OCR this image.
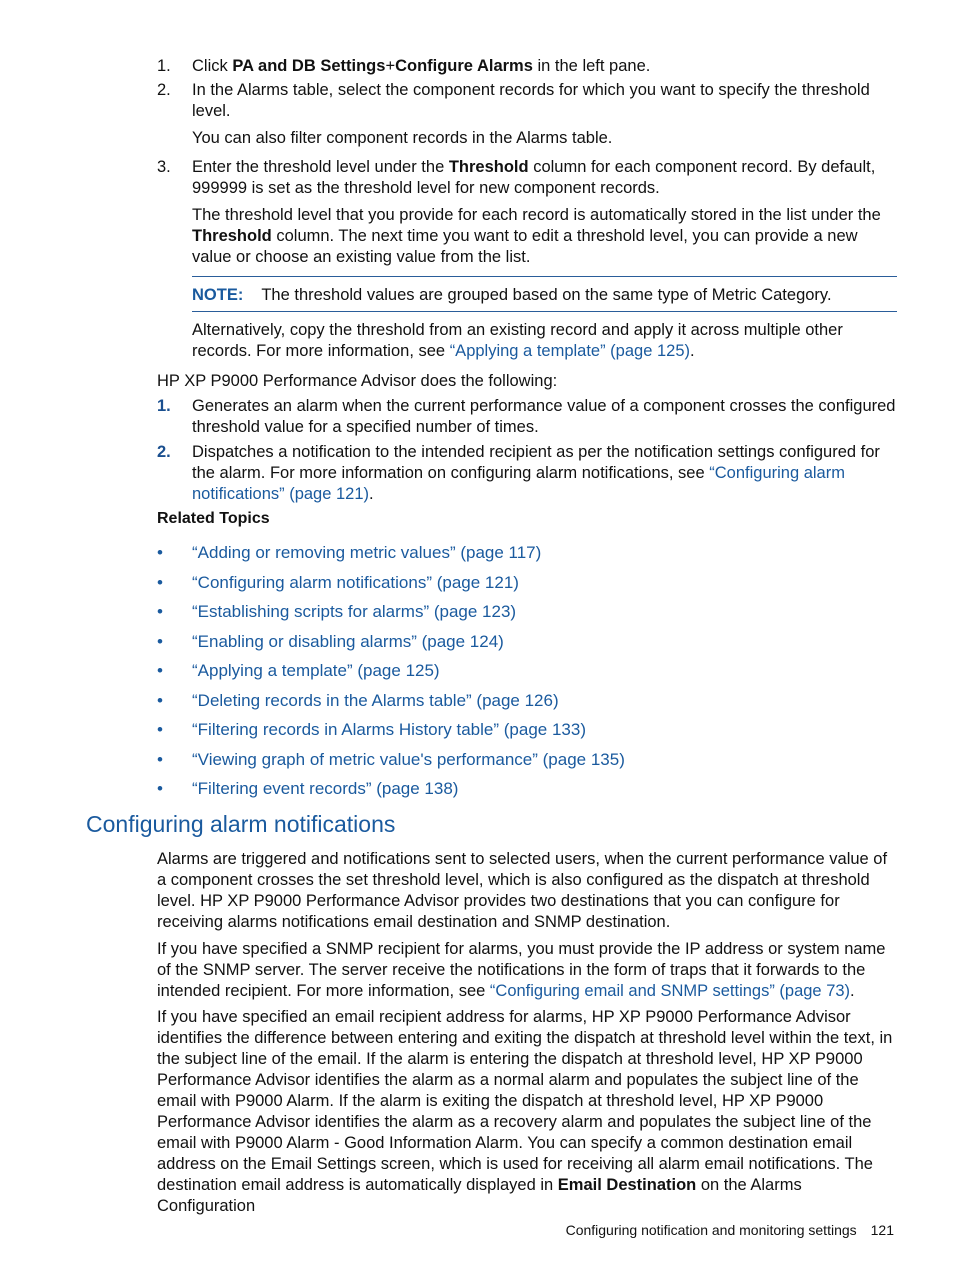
1. Click PA and DB Settings+Configure Alarms in the left pane.
2. In the Alarms table, select the component records for which you want to specify the threshold level.
You can also filter component records in the Alarms table.
3. Enter the threshold level under the Threshold column for each component record. By default, 999999 is set as the threshold level for new component records.
The threshold level that you provide for each record is automatically stored in the list under the Threshold column. The next time you want to edit a threshold level, you can provide a new value or choose an existing value from the list.
NOTE: The threshold values are grouped based on the same type of Metric Category.
Alternatively, copy the threshold from an existing record and apply it across multiple other records. For more information, see “Applying a template” (page 125).
HP XP P9000 Performance Advisor does the following:
1. Generates an alarm when the current performance value of a component crosses the configured threshold value for a specified number of times.
2. Dispatches a notification to the intended recipient as per the notification settings configured for the alarm. For more information on configuring alarm notifications, see “Configuring alarm notifications” (page 121).
Related Topics
• “Adding or removing metric values” (page 117)
• “Configuring alarm notifications” (page 121)
• “Establishing scripts for alarms” (page 123)
• “Enabling or disabling alarms” (page 124)
• “Applying a template” (page 125)
• “Deleting records in the Alarms table” (page 126)
• “Filtering records in Alarms History table” (page 133)
• “Viewing graph of metric value's performance” (page 135)
• “Filtering event records” (page 138)
Configuring alarm notifications
Alarms are triggered and notifications sent to selected users, when the current performance value of a component crosses the set threshold level, which is also configured as the dispatch at threshold level. HP XP P9000 Performance Advisor provides two destinations that you can configure for receiving alarms notifications email destination and SNMP destination.
If you have specified a SNMP recipient for alarms, you must provide the IP address or system name of the SNMP server. The server receive the notifications in the form of traps that it forwards to the intended recipient. For more information, see “Configuring email and SNMP settings” (page 73).
If you have specified an email recipient address for alarms, HP XP P9000 Performance Advisor identifies the difference between entering and exiting the dispatch at threshold level within the text, in the subject line of the email. If the alarm is entering the dispatch at threshold level, HP XP P9000 Performance Advisor identifies the alarm as a normal alarm and populates the subject line of the email with P9000 Alarm. If the alarm is exiting the dispatch at threshold level, HP XP P9000 Performance Advisor identifies the alarm as a recovery alarm and populates the subject line of the email with P9000 Alarm - Good Information Alarm. You can specify a common destination email address on the Email Settings screen, which is used for receiving all alarm email notifications. The destination email address is automatically displayed in Email Destination on the Alarms Configuration
Configuring notification and monitoring settings 121
